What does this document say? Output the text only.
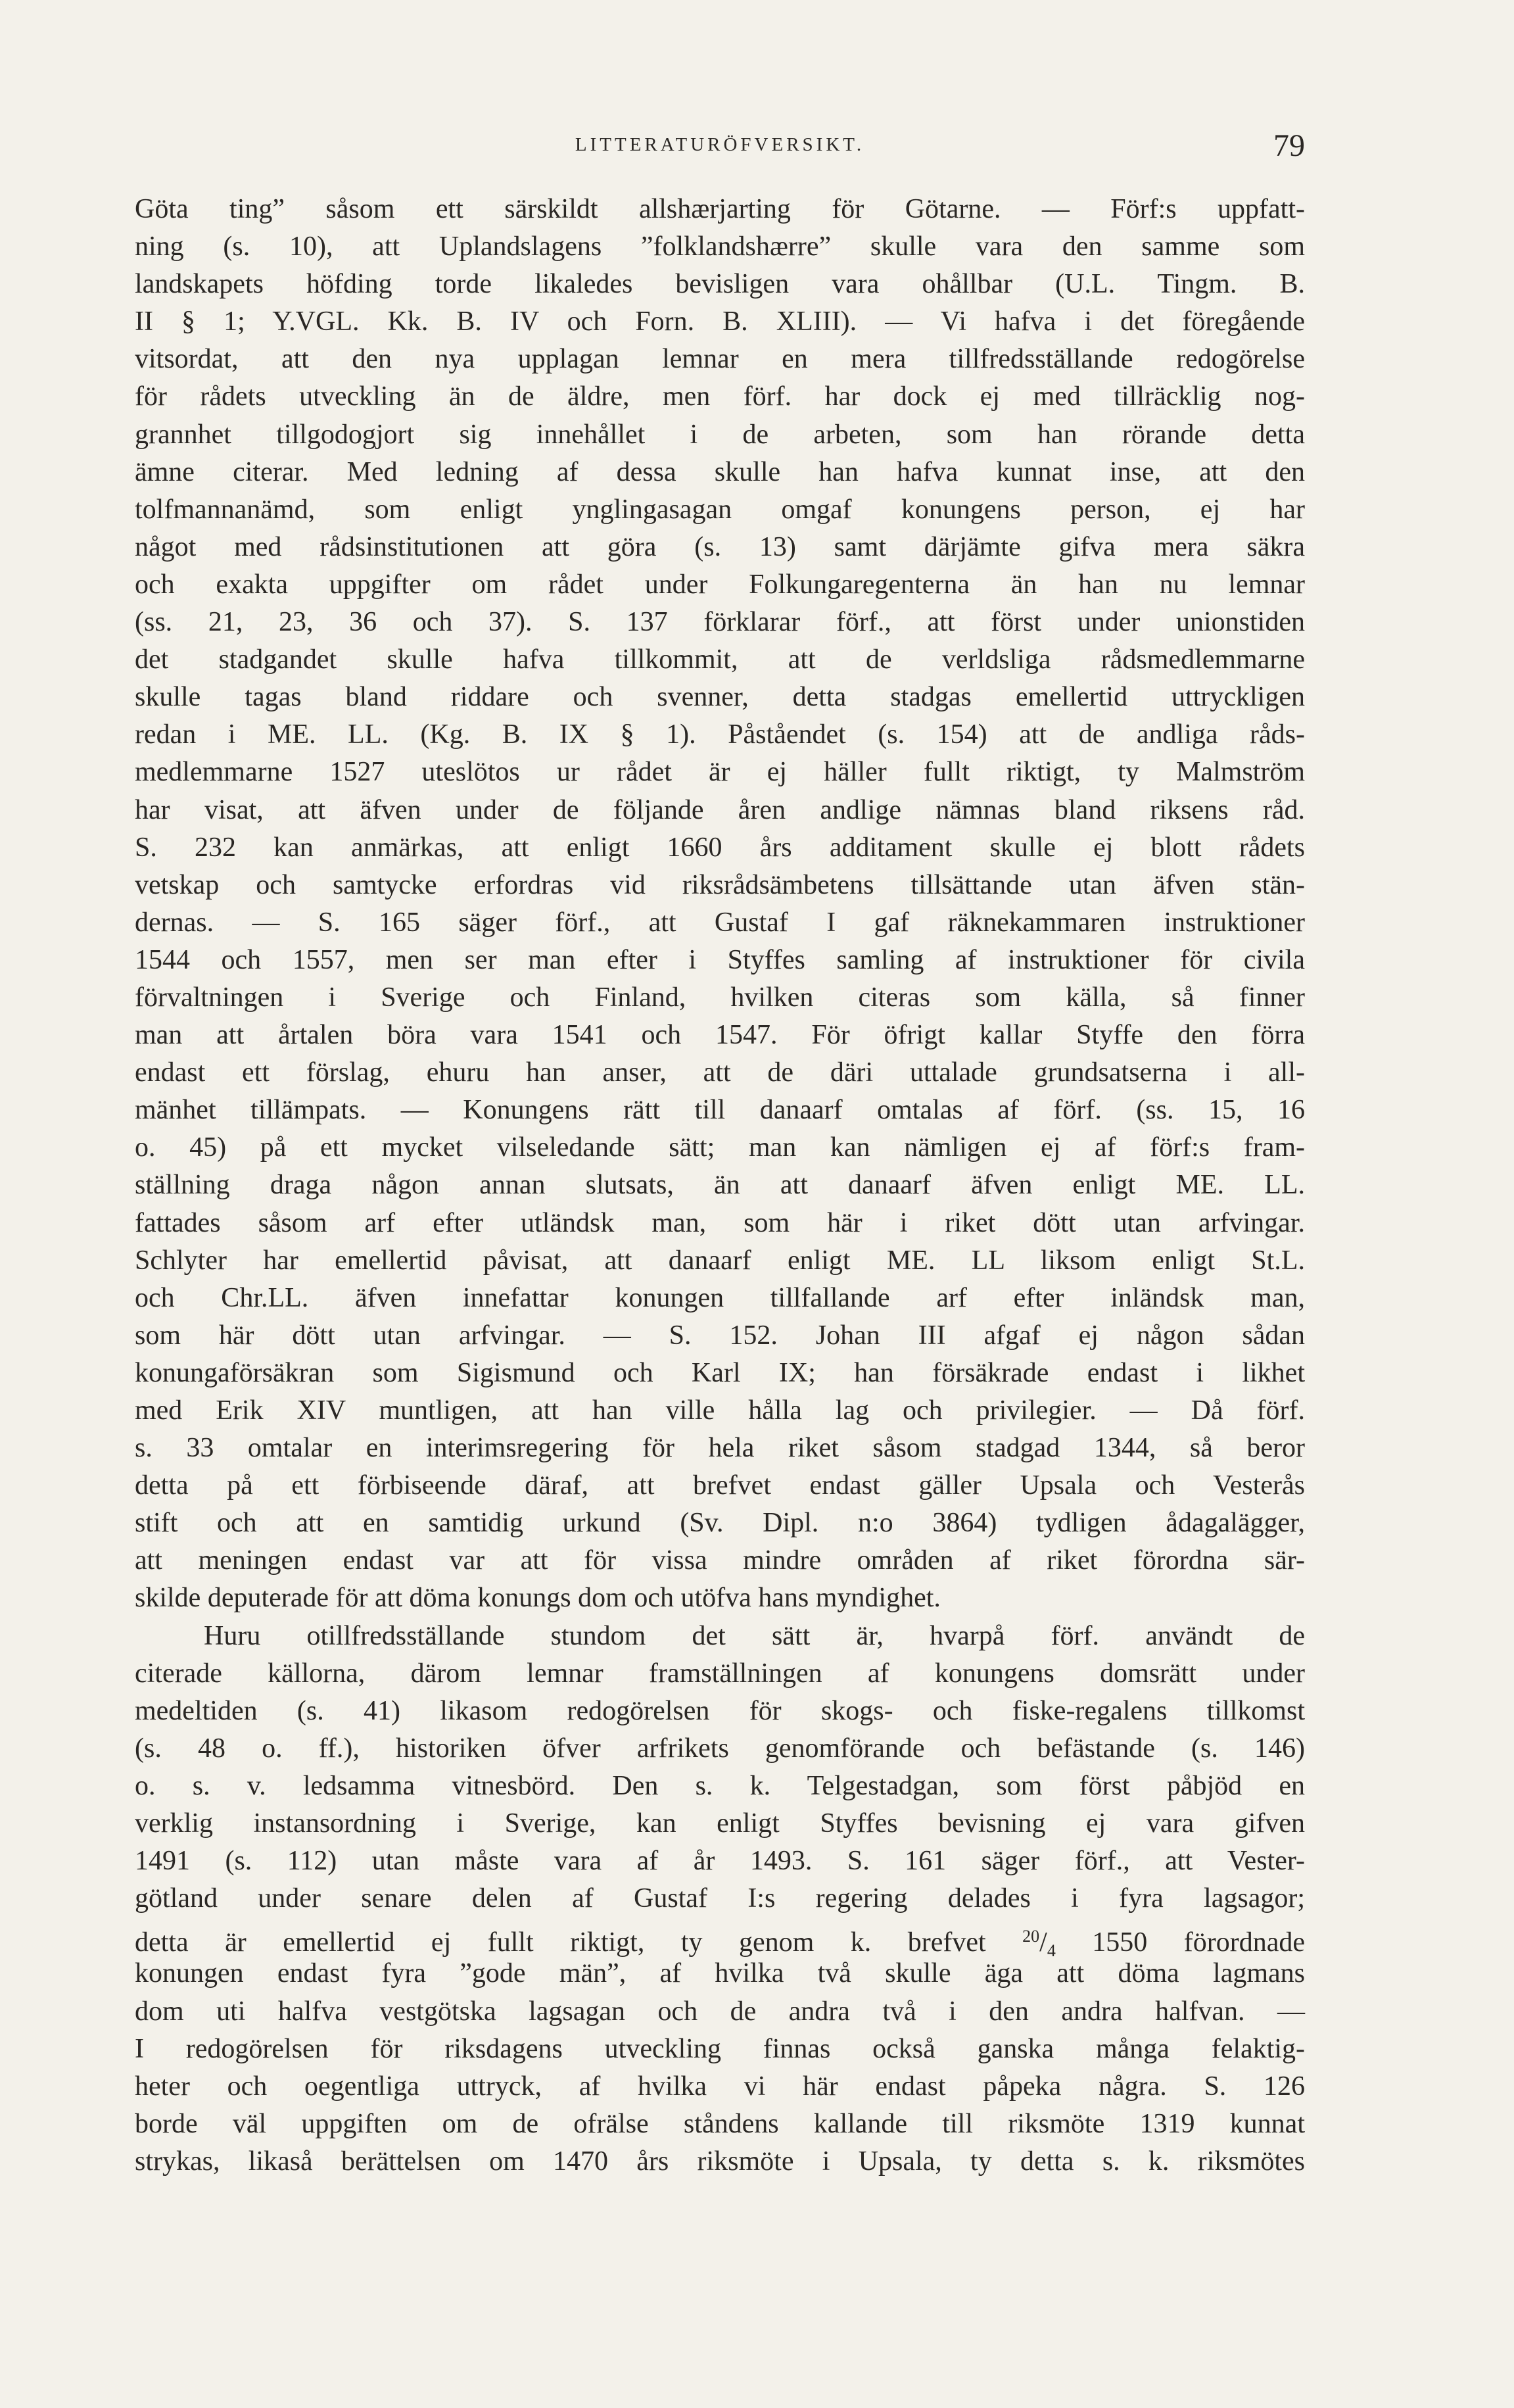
LITTERATURÖFVERSIKT.	79
Göta ting” såsom ett särskildt allshærjarting för Götarne. — Förf:s uppfatt-
ning (s. 10), att Uplandslagens ”folklandshærre” skulle vara den samme som
landskapets höfding torde likaledes bevisligen vara ohållbar (U.L. Tingm. B.
II § 1; Y.VGL. Kk. B. IV och Forn. B. XLIII). — Vi hafva i det föregående
vitsordat, att den nya upplagan lemnar en mera tillfredsställande redogörelse
för rådets utveckling än de äldre, men förf. har dock ej med tillräcklig nog-
grannhet tillgodogjort sig innehållet i de arbeten, som han rörande detta
ämne citerar. Med ledning af dessa skulle han hafva kunnat inse, att den
tolfmannanämd, som enligt ynglingasagan omgaf konungens person, ej har
något med rådsinstitutionen att göra (s. 13) samt därjämte gifva mera säkra
och exakta uppgifter om rådet under Folkungaregenterna än han nu lemnar
(ss. 21, 23, 36 och 37). S. 137 förklarar förf., att först under unionstiden
det stadgandet skulle hafva tillkommit, att de verldsliga rådsmedlemmarne
skulle tagas bland riddare och svenner, detta stadgas emellertid uttryckligen
redan i ME. LL. (Kg. B. IX § 1). Påståendet (s. 154) att de andliga råds-
medlemmarne 1527 uteslötos ur rådet är ej häller fullt riktigt, ty Malmström
har visat, att äfven under de följande åren andlige nämnas bland riksens råd.
S. 232 kan anmärkas, att enligt 1660 års additament skulle ej blott rådets
vetskap och samtycke erfordras vid riksrådsämbetens tillsättande utan äfven stän-
dernas. — S. 165 säger förf., att Gustaf I gaf räknekammaren instruktioner
1544 och 1557, men ser man efter i Styffes samling af instruktioner för civila
förvaltningen i Sverige och Finland, hvilken citeras som källa, så finner
man att årtalen böra vara 1541 och 1547. För öfrigt kallar Styffe den förra
endast ett förslag, ehuru han anser, att de däri uttalade grundsatserna i all-
mänhet tillämpats. — Konungens rätt till danaarf omtalas af förf. (ss. 15, 16
o. 45) på ett mycket vilseledande sätt; man kan nämligen ej af förf:s fram-
ställning draga någon annan slutsats, än att danaarf äfven enligt ME. LL.
fattades såsom arf efter utländsk man, som här i riket dött utan arfvingar.
Schlyter har emellertid påvisat, att danaarf enligt ME. LL liksom enligt St.L.
och Chr.LL. äfven innefattar konungen tillfallande arf efter inländsk man,
som här dött utan arfvingar. — S. 152. Johan III afgaf ej någon sådan
konungaförsäkran som Sigismund och Karl IX; han försäkrade endast i likhet
med Erik XIV muntligen, att han ville hålla lag och privilegier. — Då förf.
s. 33 omtalar en interimsregering för hela riket såsom stadgad 1344, så beror
detta på ett förbiseende däraf, att brefvet endast gäller Upsala och Vesterås
stift och att en samtidig urkund (Sv. Dipl. n:o 3864) tydligen ådagalägger,
att meningen endast var att för vissa mindre områden af riket förordna sär-
skilde deputerade för att döma konungs dom och utöfva hans myndighet.
Huru otillfredsställande stundom det sätt är, hvarpå förf. användt de
citerade källorna, därom lemnar framställningen af konungens domsrätt under
medeltiden (s. 41) likasom redogörelsen för skogs- och fiske-regalens tillkomst
(s. 48 o. ff.), historiken öfver arfrikets genomförande och befästande (s. 146)
o. s. v. ledsamma vitnesbörd. Den s. k. Telgestadgan, som först påbjöd en
verklig instansordning i Sverige, kan enligt Styffes bevisning ej vara gifven
1491 (s. 112) utan måste vara af år 1493. S. 161 säger förf., att Vester-
götland under senare delen af Gustaf I:s regering delades i fyra lagsagor;
detta är emellertid ej fullt riktigt, ty genom k. brefvet $^{20}/_4$ 1550 förordnade
konungen endast fyra ”gode män”, af hvilka två skulle äga att döma lagmans
dom uti halfva vestgötska lagsagan och de andra två i den andra halfvan. —
I redogörelsen för riksdagens utveckling finnas också ganska många felaktig-
heter och oegentliga uttryck, af hvilka vi här endast påpeka några. S. 126
borde väl uppgiften om de ofrälse ståndens kallande till riksmöte 1319 kunnat
strykas, likaså berättelsen om 1470 års riksmöte i Upsala, ty detta s. k. riksmötes
